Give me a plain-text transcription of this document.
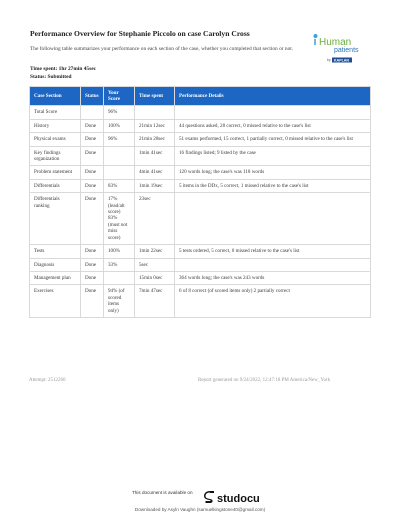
Performance Overview for Stephanie Piccolo on case Carolyn Cross
The following table summarizes your performance on each section of the case, whether you completed that section or not.
Time spent: 1hr 27min 45sec
Status: Submitted
i Human
patients
by KAPLAN
Case Section	Status	Your Score	Time spent	Performance Details
Total Score		96%		
History	Done	100%	21min 12sec	44 questions asked, 28 correct, 0 missed relative to the case's list
Physical exams	Done	96%	21min 28sec	51 exams performed, 15 correct, 1 partially correct, 0 missed relative to the case's list
Key findings organization	Done		1min 41sec	16 findings listed; 9 listed by the case
Problem statement	Done		4min 41sec	120 words long; the case's was 118 words
Differentials	Done	83%	1min 19sec	5 items in the DDx, 5 correct, 1 missed relative to the case's list
Differentials ranking	Done	17% (lead/alt score) 83% (must not miss score)	23sec	
Tests	Done	100%	1min 22sec	5 tests ordered, 5 correct, 0 missed relative to the case's list
Diagnosis	Done	33%	5sec	
Management plan	Done		15min 0sec	364 words long; the case's was 243 words
Exercises	Done	94% (of scored items only)	7min 47sec	6 of 8 correct (of scored items only) 2 partially correct
Attempt: 2512260	Report generated on 9/24/2022, 12:47:18 PM America/New_York
This document is available on
studocu
Downloaded by Asyln Vaughn (samuelkingstone40@gmail.com)
